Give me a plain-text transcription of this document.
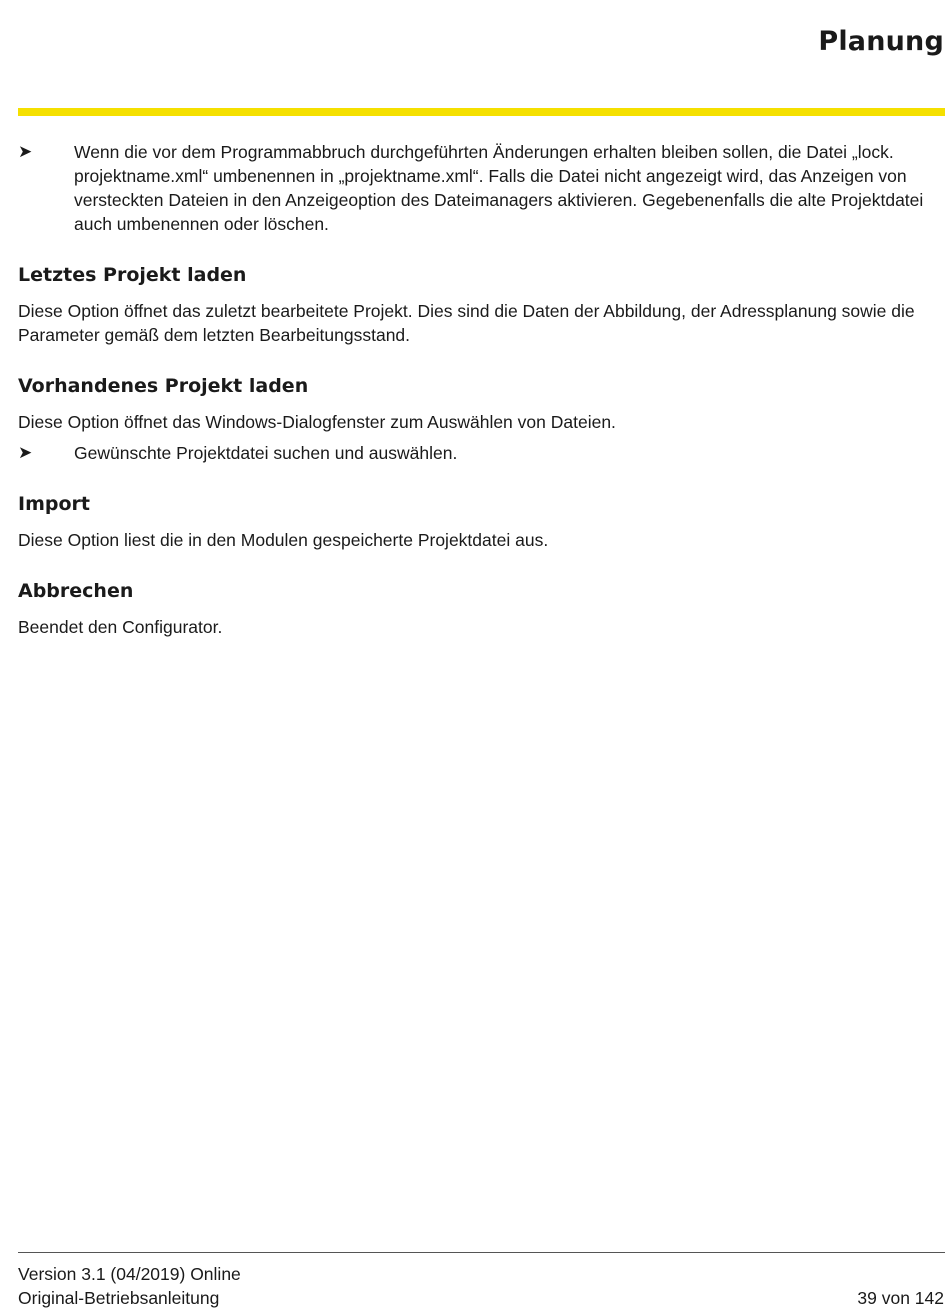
Planung
➤	Wenn die vor dem Programmabbruch durchgeführten Änderungen erhalten bleiben sollen, die Datei „lock. projektname.xml“ umbenennen in „projektname.xml“. Falls die Datei nicht angezeigt wird, das Anzeigen von versteckten Dateien in den Anzeigeoption des Dateimanagers aktivieren. Gegebenenfalls die alte Projektdatei auch umbenennen oder löschen.
Letztes Projekt laden

Diese Option öffnet das zuletzt bearbeitete Projekt. Dies sind die Daten der Abbildung, der Adressplanung sowie die Parameter gemäß dem letzten Bearbeitungsstand.

Vorhandenes Projekt laden

Diese Option öffnet das Windows-Dialogfenster zum Auswählen von Dateien.

➤	Gewünschte Projektdatei suchen und auswählen.
Import

Diese Option liest die in den Modulen gespeicherte Projektdatei aus.

Abbrechen

Beendet den Configurator.

Version 3.1 (04/2019) Online
Original-Betriebsanleitung	39 von 142
